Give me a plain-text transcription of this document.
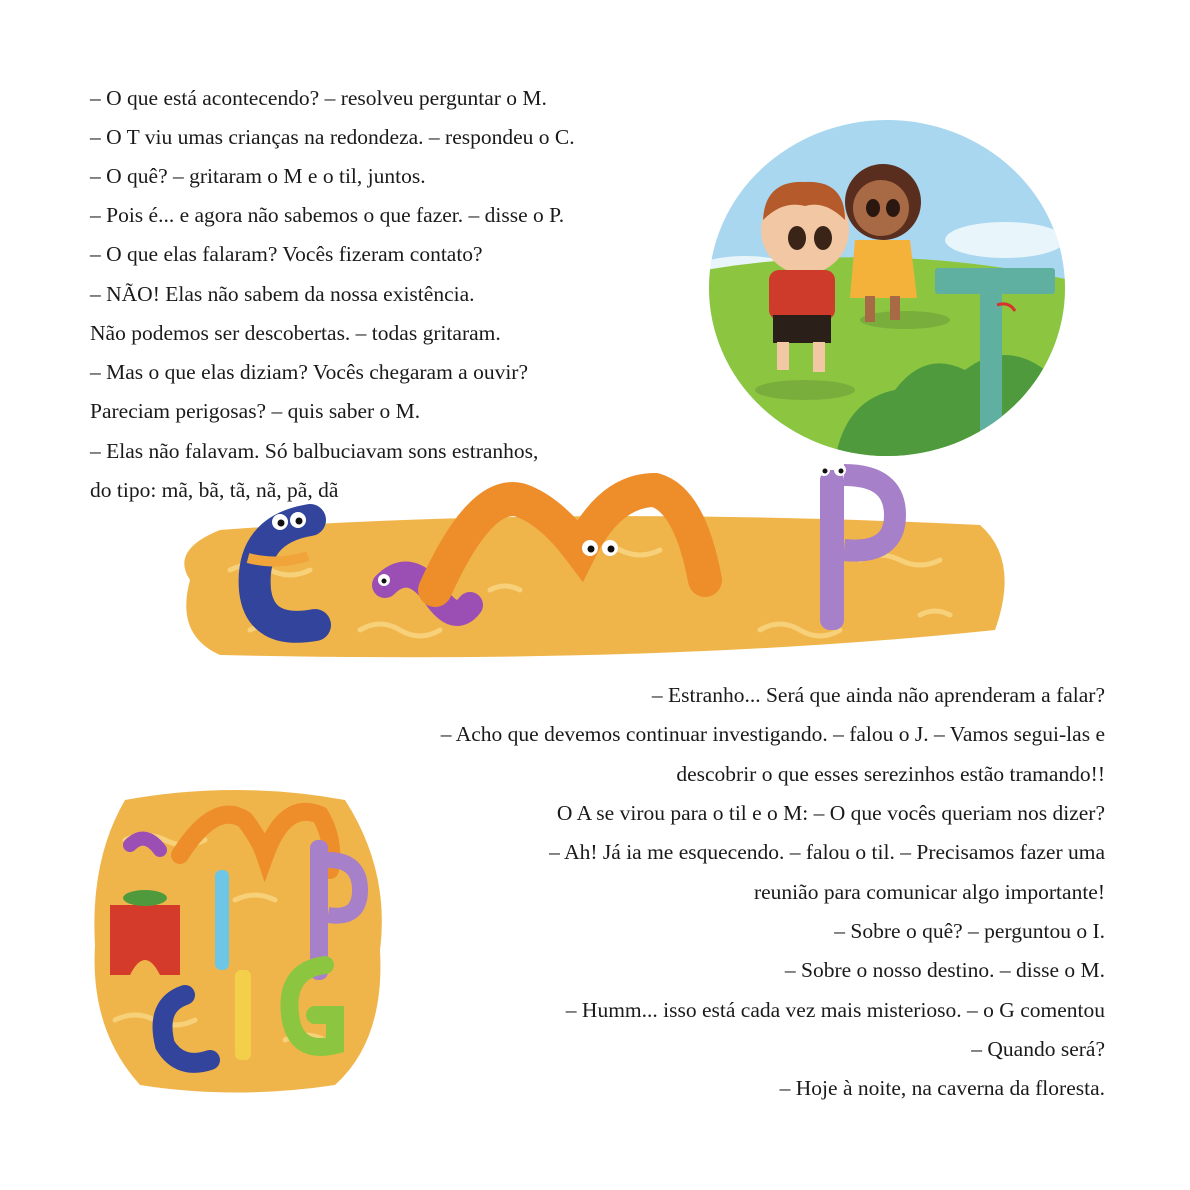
– O que está acontecendo? – resolveu perguntar o M.
– O T viu umas crianças na redondeza. – respondeu o C.
– O quê? – gritaram o M e o til, juntos.
– Pois é... e agora não sabemos o que fazer. – disse o P.
– O que elas falaram? Vocês fizeram contato?
– NÃO! Elas não sabem da nossa existência.
Não podemos ser descobertas. – todas gritaram.
– Mas o que elas diziam? Vocês chegaram a ouvir?
Pareciam perigosas? – quis saber o M.
– Elas não falavam. Só balbuciavam sons estranhos,
do tipo: mã, bã, tã, nã, pã, dã
– Estranho... Será que ainda não aprenderam a falar?
– Acho que devemos continuar investigando. – falou o J. – Vamos segui-las e
descobrir o que esses serezinhos estão tramando!!
O A se virou para o til e o M: – O que vocês queriam nos dizer?
– Ah! Já ia me esquecendo. – falou o til. – Precisamos fazer uma
reunião para comunicar algo importante!
– Sobre o quê? – perguntou o I.
– Sobre o nosso destino. – disse o M.
– Humm... isso está cada vez mais misterioso. – o G comentou
– Quando será?
– Hoje à noite, na caverna da floresta.
